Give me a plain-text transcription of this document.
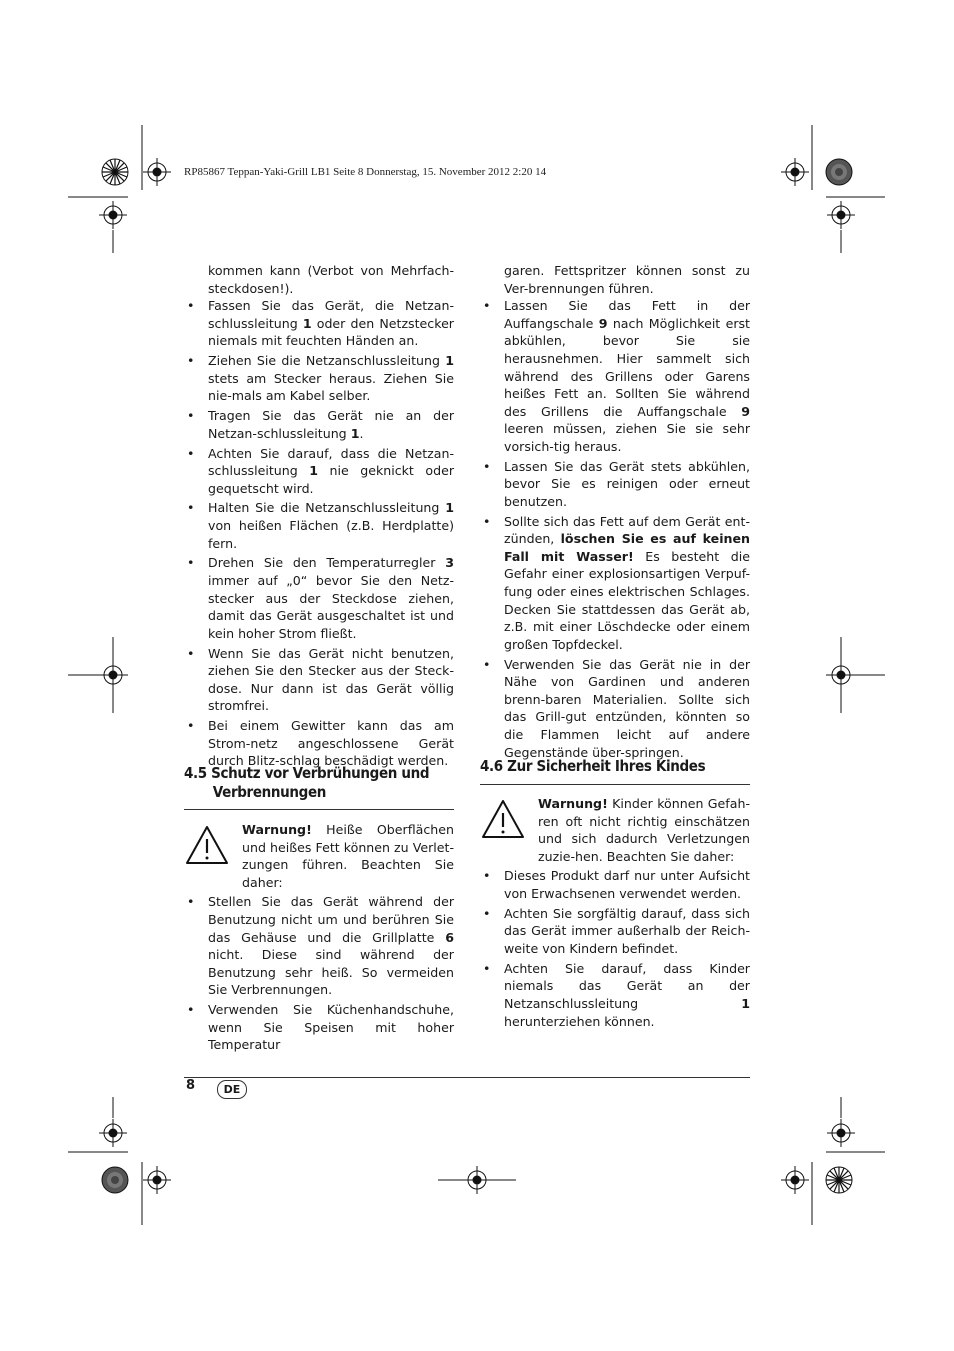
RP85867 Teppan-Yaki-Grill LB1 Seite 8 Donnerstag, 15. November 2012 2:20 14

kommen kann (Verbot von Mehrfach-steckdosen!).

• Fassen Sie das Gerät, die Netzan-schlussleitung 1 oder den Netzstecker niemals mit feuchten Händen an.
• Ziehen Sie die Netzanschlussleitung 1 stets am Stecker heraus. Ziehen Sie nie-mals am Kabel selber.
• Tragen Sie das Gerät nie an der Netzan-schlussleitung 1.
• Achten Sie darauf, dass die Netzan-schlussleitung 1 nie geknickt oder gequetscht wird.
• Halten Sie die Netzanschlussleitung 1 von heißen Flächen (z.B. Herdplatte) fern.
• Drehen Sie den Temperaturregler 3 immer auf „0“ bevor Sie den Netz-stecker aus der Steckdose ziehen, damit das Gerät ausgeschaltet ist und kein hoher Strom fließt.
• Wenn Sie das Gerät nicht benutzen, ziehen Sie den Stecker aus der Steck-dose. Nur dann ist das Gerät völlig stromfrei.
• Bei einem Gewitter kann das am Strom-netz angeschlossene Gerät durch Blitz-schlag beschädigt werden.
4.5 Schutz vor Verbrühungen und
Verbrennungen

Warnung! Heiße Oberflächen und heißes Fett können zu Verlet-zungen führen. Beachten Sie daher:

• Stellen Sie das Gerät während der Benutzung nicht um und berühren Sie das Gehäuse und die Grillplatte 6 nicht. Diese sind während der Benutzung sehr heiß. So vermeiden Sie Verbrennungen.
• Verwenden Sie Küchenhandschuhe, wenn Sie Speisen mit hoher Temperatur

garen. Fettspritzer können sonst zu Ver-brennungen führen.

• Lassen Sie das Fett in der Auffangschale 9 nach Möglichkeit erst abkühlen, bevor Sie sie herausnehmen. Hier sammelt sich während des Grillens oder Garens heißes Fett an. Sollten Sie während des Grillens die Auffangschale 9 leeren müssen, ziehen Sie sie sehr vorsich-tig heraus.
• Lassen Sie das Gerät stets abkühlen, bevor Sie es reinigen oder erneut benutzen.
• Sollte sich das Fett auf dem Gerät ent-zünden, löschen Sie es auf keinen Fall mit Wasser! Es besteht die Gefahr einer explosionsartigen Verpuf-fung oder eines elektrischen Schlages. Decken Sie stattdessen das Gerät ab, z.B. mit einer Löschdecke oder einem großen Topfdeckel.
• Verwenden Sie das Gerät nie in der Nähe von Gardinen und anderen brenn-baren Materialien. Sollte sich das Grill-gut entzünden, könnten so die Flammen leicht auf andere Gegenstände über-springen.
4.6 Zur Sicherheit Ihres Kindes

Warnung! Kinder können Gefah-ren oft nicht richtig einschätzen und sich dadurch Verletzungen zuzie-hen. Beachten Sie daher:

• Dieses Produkt darf nur unter Aufsicht von Erwachsenen verwendet werden.
• Achten Sie sorgfältig darauf, dass sich das Gerät immer außerhalb der Reich-weite von Kindern befindet.
• Achten Sie darauf, dass Kinder niemals das Gerät an der Netzanschlussleitung 1 herunterziehen können.
8	DE
